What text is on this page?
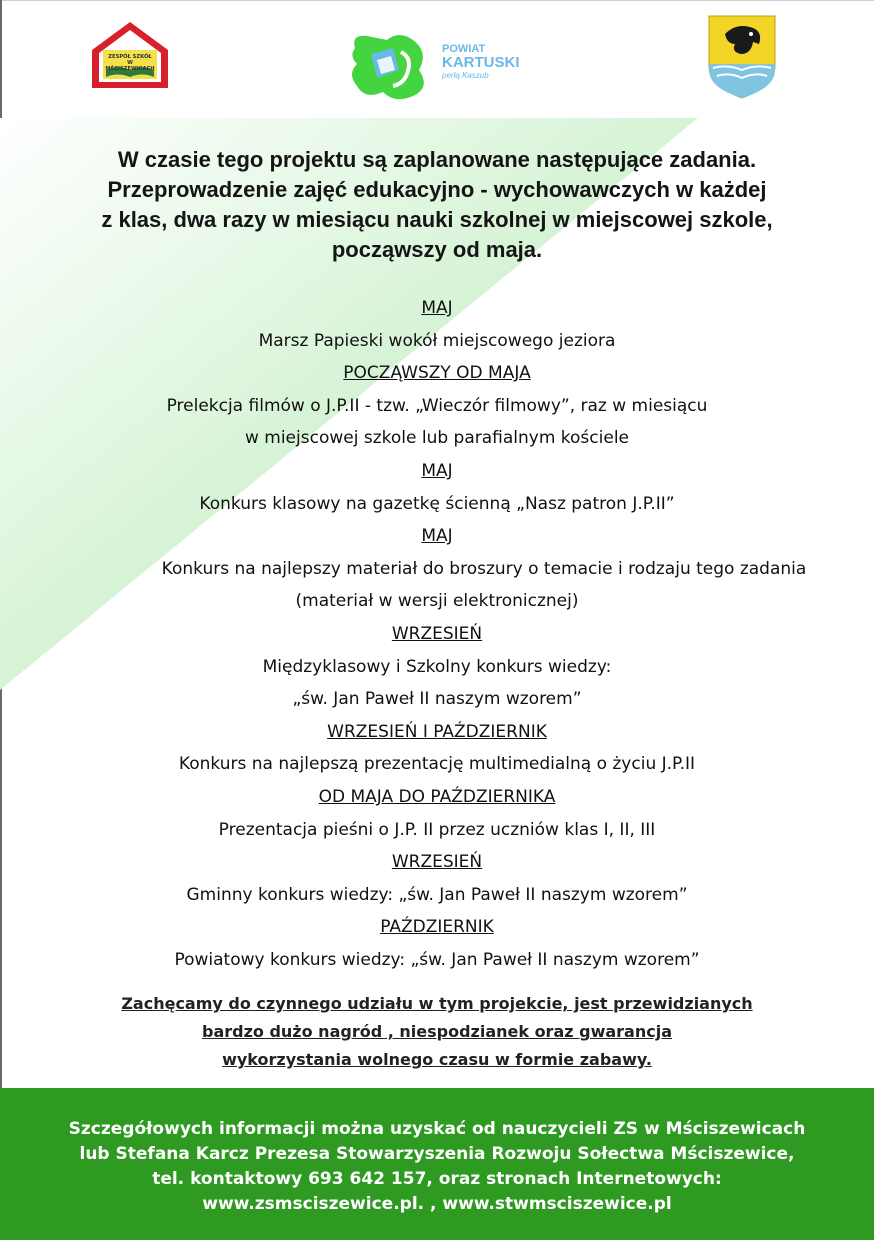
ZESPÓŁ SZKÓŁ
W
MŚCISZEWICACH
POWIAT
KARTUSKI
perłą Kaszub
W czasie tego projektu są zaplanowane następujące zadania.
Przeprowadzenie zajęć edukacyjno - wychowawczych w każdej
z klas, dwa razy w miesiącu nauki szkolnej w miejscowej szkole,
począwszy od maja.
MAJ
Marsz Papieski wokół miejscowego jeziora
POCZĄWSZY OD MAJA
Prelekcja filmów o J.P.II - tzw. „Wieczór filmowy”, raz w miesiącu
w miejscowej szkole lub parafialnym kościele
MAJ
Konkurs klasowy na gazetkę ścienną „Nasz patron J.P.II”
MAJ
Konkurs na najlepszy materiał do broszury o temacie i rodzaju tego zadania
(materiał w wersji elektronicznej)
WRZESIEŃ
Międzyklasowy i Szkolny konkurs wiedzy:
„św. Jan Paweł II naszym wzorem”
WRZESIEŃ I PAŹDZIERNIK
Konkurs na najlepszą prezentację multimedialną o życiu J.P.II
OD MAJA DO PAŹDZIERNIKA
Prezentacja pieśni o J.P. II przez uczniów klas I, II, III
WRZESIEŃ
Gminny konkurs wiedzy: „św. Jan Paweł II naszym wzorem”
PAŹDZIERNIK
Powiatowy konkurs wiedzy: „św. Jan Paweł II naszym wzorem”
Zachęcamy do czynnego udziału w tym projekcie, jest przewidzianych
bardzo dużo nagród , niespodzianek oraz gwarancja
wykorzystania wolnego czasu w formie zabawy.
Szczegółowych informacji można uzyskać od nauczycieli ZS w Mściszewicach
lub Stefana Karcz Prezesa Stowarzyszenia Rozwoju Sołectwa Mściszewice,
tel. kontaktowy 693 642 157, oraz stronach Internetowych:
www.zsmsciszewice.pl. , www.stwmsciszewice.pl
